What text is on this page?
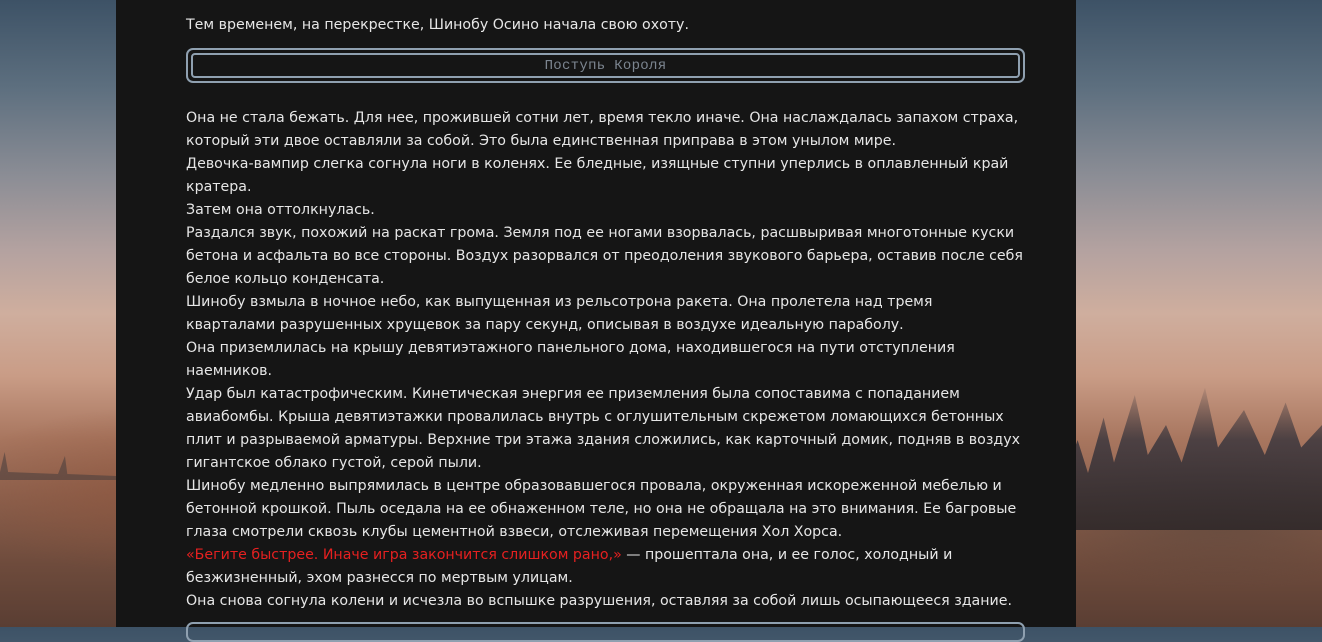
Тем временем, на перекрестке, Шинобу Осино начала свою охоту.
Поступь Короля
Она не стала бежать. Для нее, прожившей сотни лет, время текло иначе. Она наслаждалась запахом страха,
который эти двое оставляли за собой. Это была единственная приправа в этом унылом мире.
Девочка-вампир слегка согнула ноги в коленях. Ее бледные, изящные ступни уперлись в оплавленный край
кратера.
Затем она оттолкнулась.
Раздался звук, похожий на раскат грома. Земля под ее ногами взорвалась, расшвыривая многотонные куски
бетона и асфальта во все стороны. Воздух разорвался от преодоления звукового барьера, оставив после себя
белое кольцо конденсата.
Шинобу взмыла в ночное небо, как выпущенная из рельсотрона ракета. Она пролетела над тремя
кварталами разрушенных хрущевок за пару секунд, описывая в воздухе идеальную параболу.
Она приземлилась на крышу девятиэтажного панельного дома, находившегося на пути отступления
наемников.
Удар был катастрофическим. Кинетическая энергия ее приземления была сопоставима с попаданием
авиабомбы. Крыша девятиэтажки провалилась внутрь с оглушительным скрежетом ломающихся бетонных
плит и разрываемой арматуры. Верхние три этажа здания сложились, как карточный домик, подняв в воздух
гигантское облако густой, серой пыли.
Шинобу медленно выпрямилась в центре образовавшегося провала, окруженная искореженной мебелью и
бетонной крошкой. Пыль оседала на ее обнаженном теле, но она не обращала на это внимания. Ее багровые
глаза смотрели сквозь клубы цементной взвеси, отслеживая перемещения Хол Хорса.
«Бегите быстрее. Иначе игра закончится слишком рано,» — прошептала она, и ее голос, холодный и
безжизненный, эхом разнесся по мертвым улицам.
Она снова согнула колени и исчезла во вспышке разрушения, оставляя за собой лишь осыпающееся здание.
